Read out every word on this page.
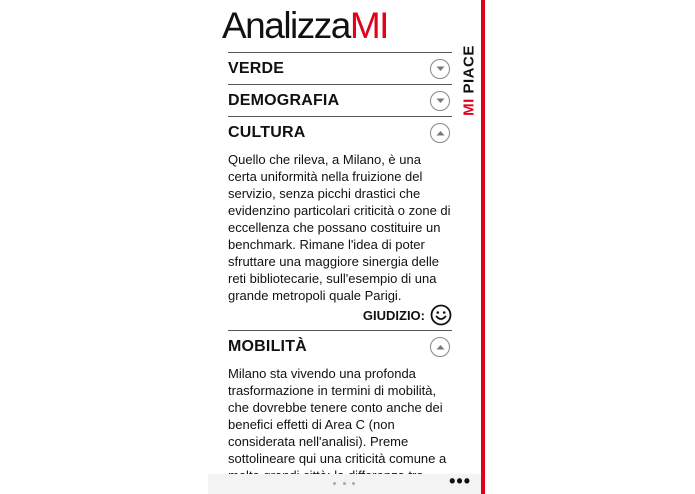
AnalizzaMI
VERDE
DEMOGRAFIA
CULTURA
Quello che rileva, a Milano, è una certa uniformità nella fruizione del servizio, senza picchi drastici che evidenzino particolari criticità o zone di eccellenza che possano costituire un benchmark. Rimane l'idea di poter sfruttare una maggiore sinergia delle reti bibliotecarie, sull'esempio di una grande metropoli quale Parigi.
GIUDIZIO:
MOBILITÀ
Milano sta vivendo una profonda trasformazione in termini di mobilità, che dovrebbe tenere conto anche dei benefici effetti di Area C (non considerata nell'analisi). Preme sottolineare qui una criticità comune a
MI PIACE
•••
